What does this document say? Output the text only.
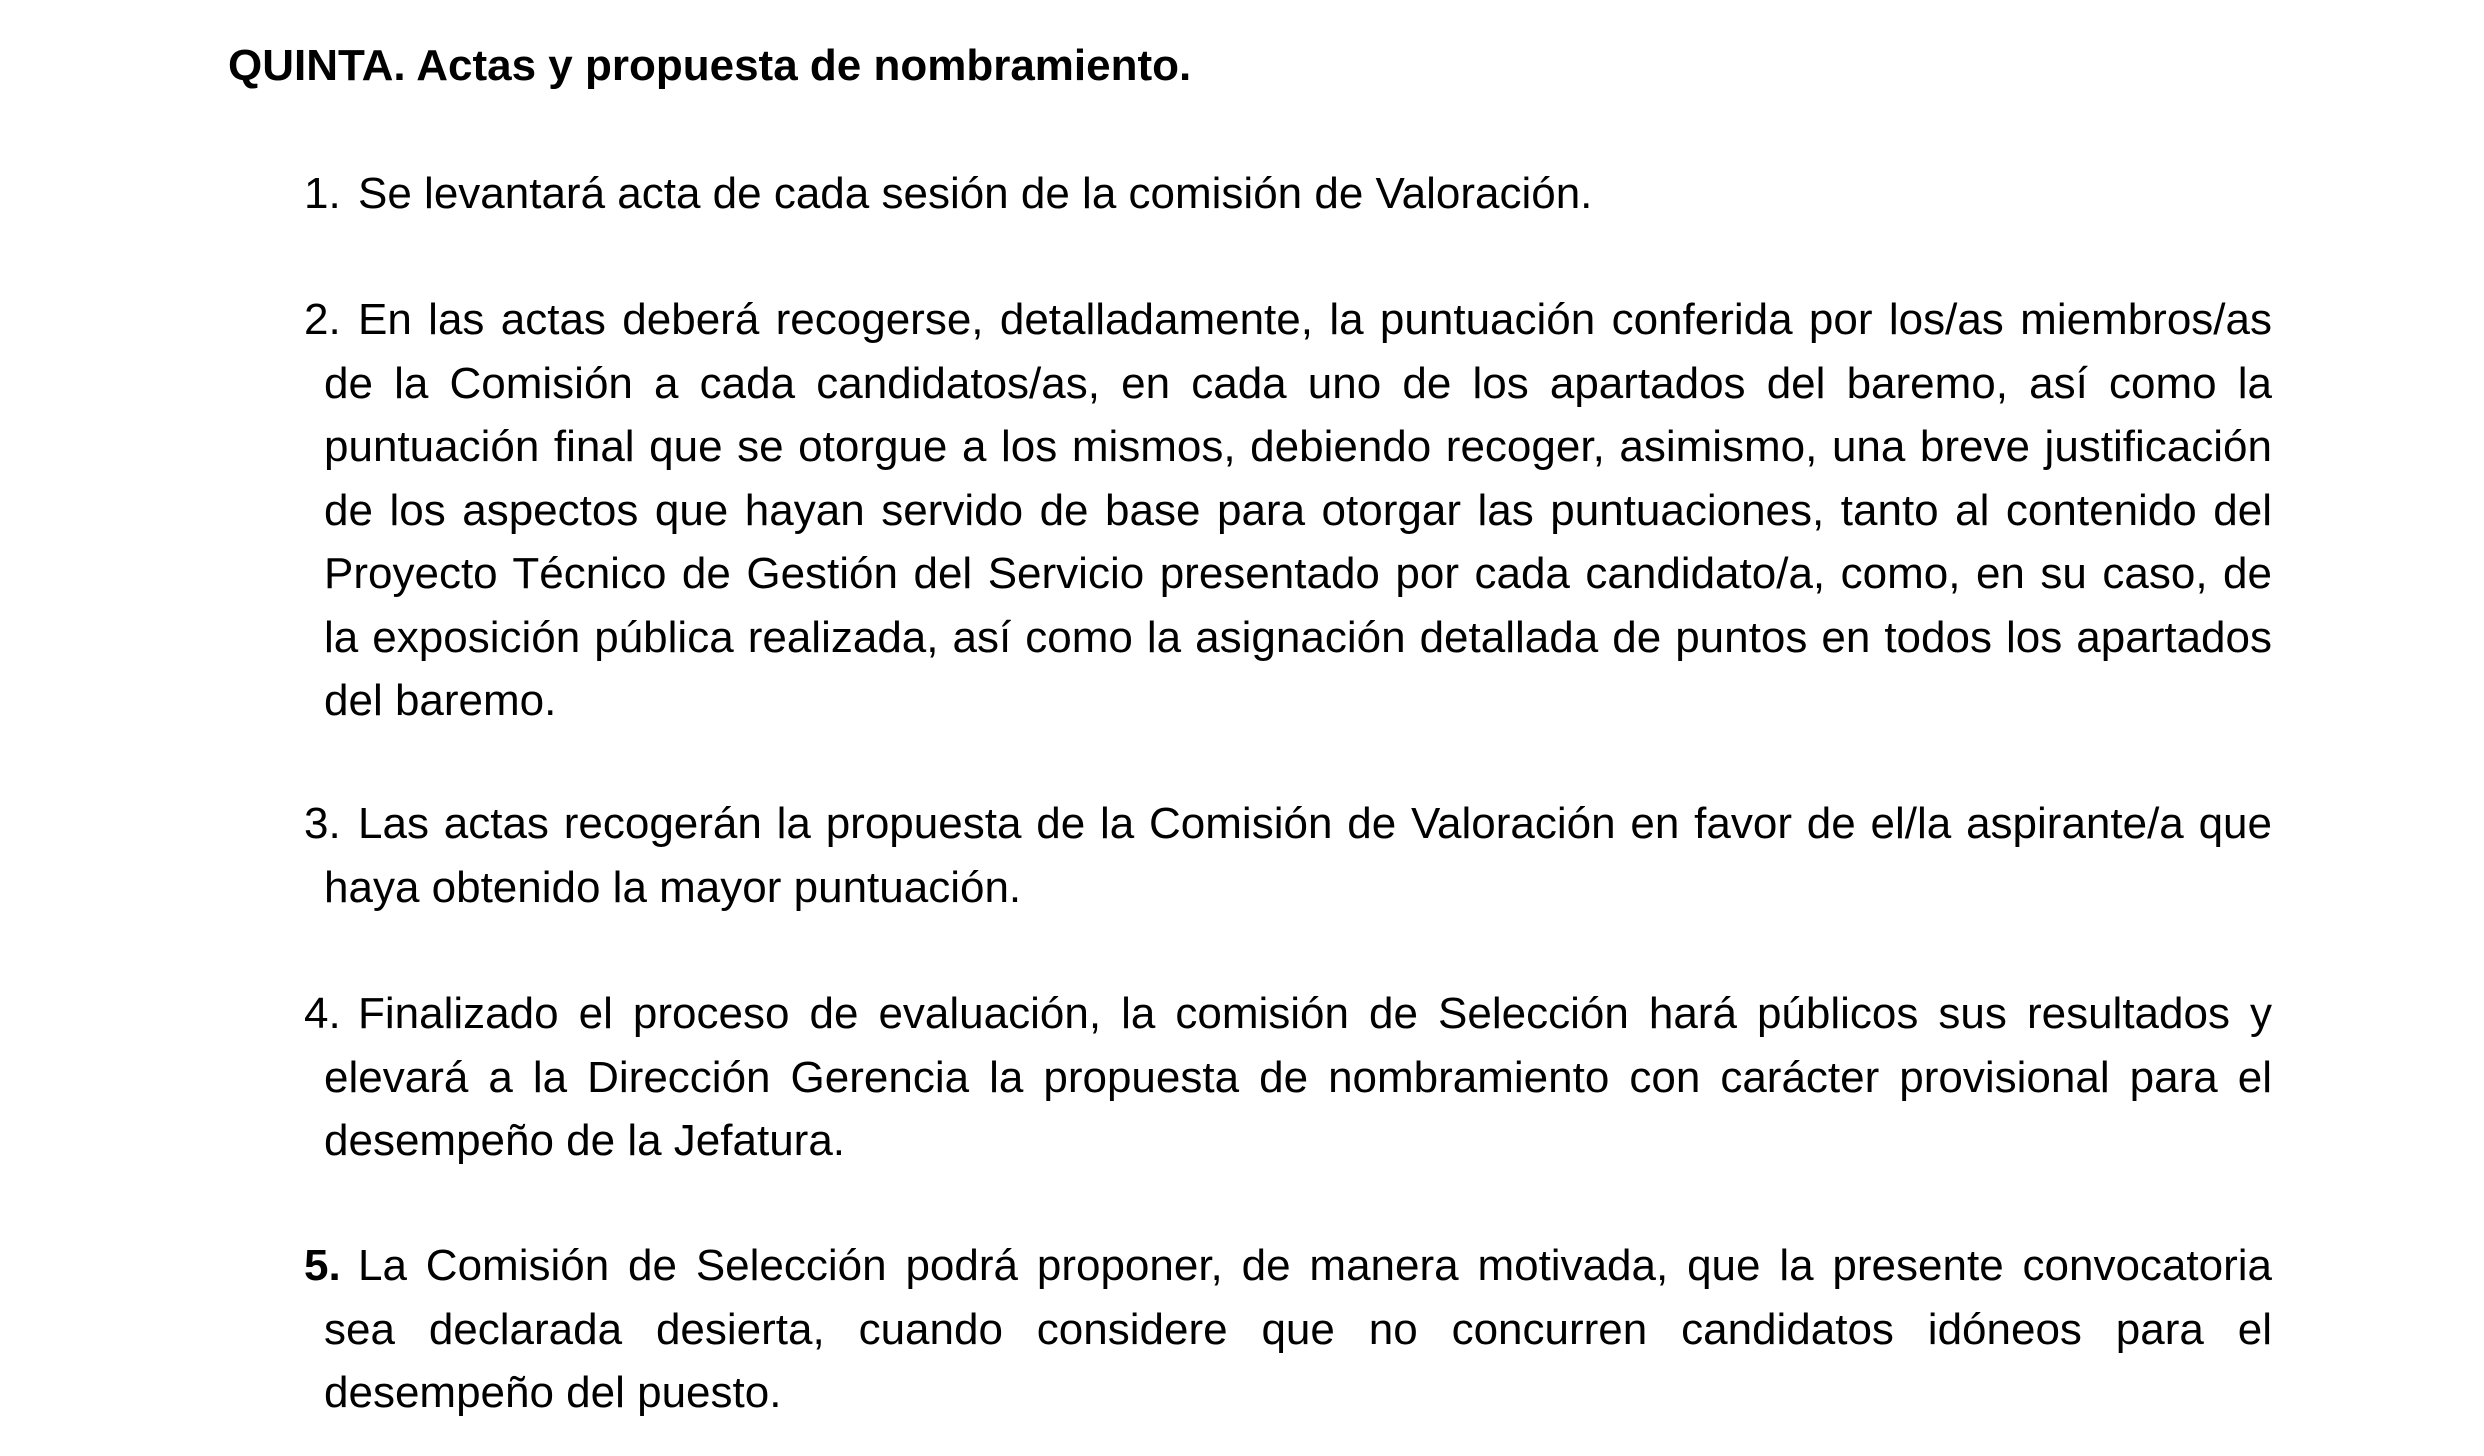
QUINTA. Actas y propuesta de nombramiento.

1. Se levantará acta de cada sesión de la comisión de Valoración.

2. En las actas deberá recogerse, detalladamente, la puntuación conferida por los/as miembros/as de la Comisión a cada candidatos/as, en cada uno de los apartados del baremo, así como la puntuación final que se otorgue a los mismos, debiendo recoger, asimismo, una breve justificación de los aspectos que hayan servido de base para otorgar las puntuaciones, tanto al contenido del Proyecto Técnico de Gestión del Servicio presentado por cada candidato/a, como, en su caso, de la exposición pública realizada, así como la asignación detallada de puntos en todos los apartados del baremo.

3. Las actas recogerán la propuesta de la Comisión de Valoración en favor de el/la aspirante/a que haya obtenido la mayor puntuación.

4. Finalizado el proceso de evaluación, la comisión de Selección hará públicos sus resultados y elevará a la Dirección Gerencia la propuesta de nombramiento con carácter provisional para el desempeño de la Jefatura.

5. La Comisión de Selección podrá proponer, de manera motivada, que la presente convocatoria sea declarada desierta, cuando considere que no concurren candidatos idóneos para el desempeño del puesto.
